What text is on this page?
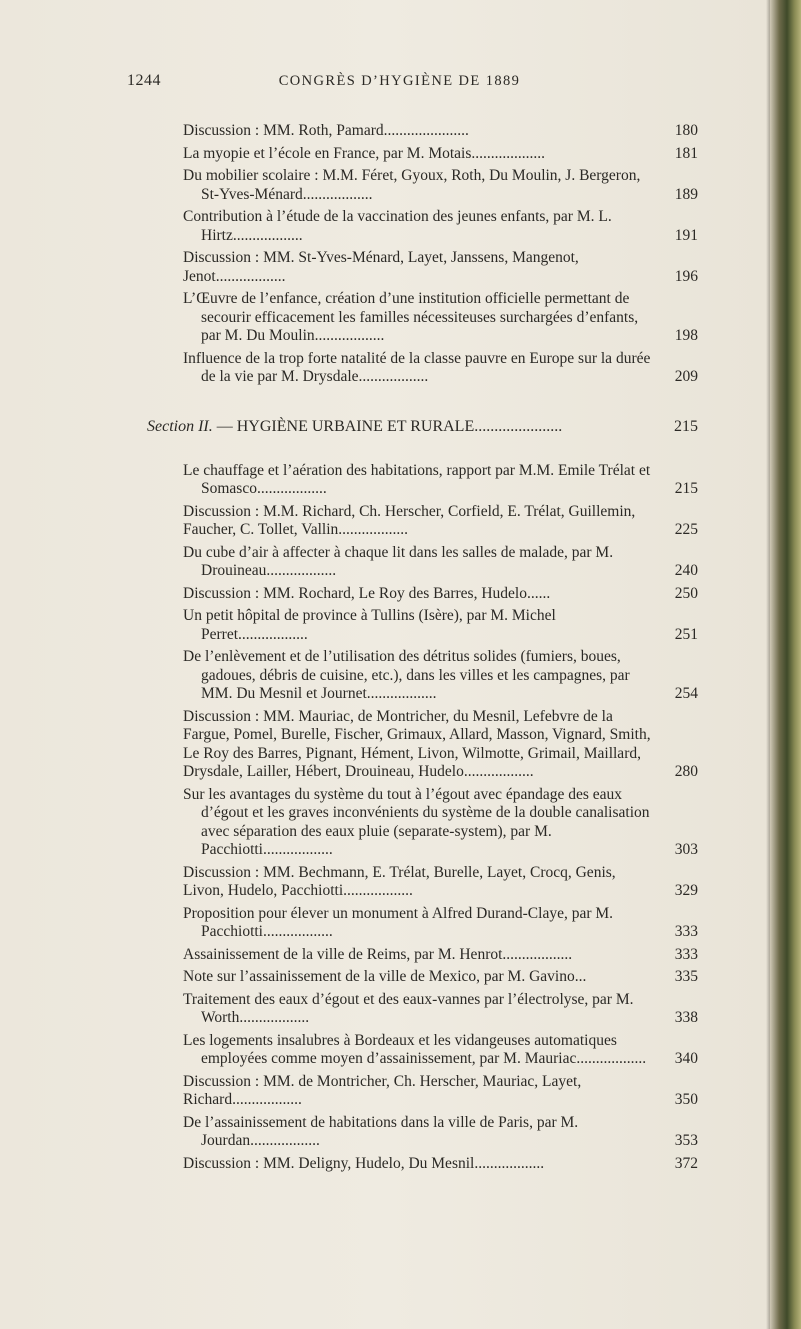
1244	CONGRÈS D’HYGIÈNE DE 1889
Discussion : MM. Roth, Pamard......................	180
La myopie et l’école en France, par M. Motais...................	181
Du mobilier scolaire : M.M. Féret, Gyoux, Roth, Du Moulin, J. Bergeron, St-Yves-Ménard..................	189
Contribution à l’étude de la vaccination des jeunes enfants, par M. L. Hirtz..................	191
Discussion : MM. St-Yves-Ménard, Layet, Janssens, Mangenot, Jenot..................	196
L’Œuvre de l’enfance, création d’une institution officielle permettant de secourir efficacement les familles nécessiteuses surchargées d’enfants, par M. Du Moulin..................	198
Influence de la trop forte natalité de la classe pauvre en Europe sur la durée de la vie par M. Drysdale..................	209
Section II. — HYGIÈNE URBAINE ET RURALE......................	215
Le chauffage et l’aération des habitations, rapport par M.M. Emile Trélat et Somasco..................	215
Discussion : M.M. Richard, Ch. Herscher, Corfield, E. Trélat, Guillemin, Faucher, C. Tollet, Vallin..................	225
Du cube d’air à affecter à chaque lit dans les salles de malade, par M. Drouineau..................	240
Discussion : MM. Rochard, Le Roy des Barres, Hudelo......	250
Un petit hôpital de province à Tullins (Isère), par M. Michel Perret..................	251
De l’enlèvement et de l’utilisation des détritus solides (fumiers, boues, gadoues, débris de cuisine, etc.), dans les villes et les campagnes, par MM. Du Mesnil et Journet..................	254
Discussion : MM. Mauriac, de Montricher, du Mesnil, Lefebvre de la Fargue, Pomel, Burelle, Fischer, Grimaux, Allard, Masson, Vignard, Smith, Le Roy des Barres, Pignant, Hément, Livon, Wilmotte, Grimail, Maillard, Drysdale, Lailler, Hébert, Drouineau, Hudelo..................	280
Sur les avantages du système du tout à l’égout avec épandage des eaux d’égout et les graves inconvénients du système de la double canalisation avec séparation des eaux pluie (separate-system), par M. Pacchiotti..................	303
Discussion : MM. Bechmann, E. Trélat, Burelle, Layet, Crocq, Genis, Livon, Hudelo, Pacchiotti..................	329
Proposition pour élever un monument à Alfred Durand-Claye, par M. Pacchiotti..................	333
Assainissement de la ville de Reims, par M. Henrot..................	333
Note sur l’assainissement de la ville de Mexico, par M. Gavino...	335
Traitement des eaux d’égout et des eaux-vannes par l’électrolyse, par M. Worth..................	338
Les logements insalubres à Bordeaux et les vidangeuses automatiques employées comme moyen d’assainissement, par M. Mauriac..................	340
Discussion : MM. de Montricher, Ch. Herscher, Mauriac, Layet, Richard..................	350
De l’assainissement de habitations dans la ville de Paris, par M. Jourdan..................	353
Discussion : MM. Deligny, Hudelo, Du Mesnil..................	372
